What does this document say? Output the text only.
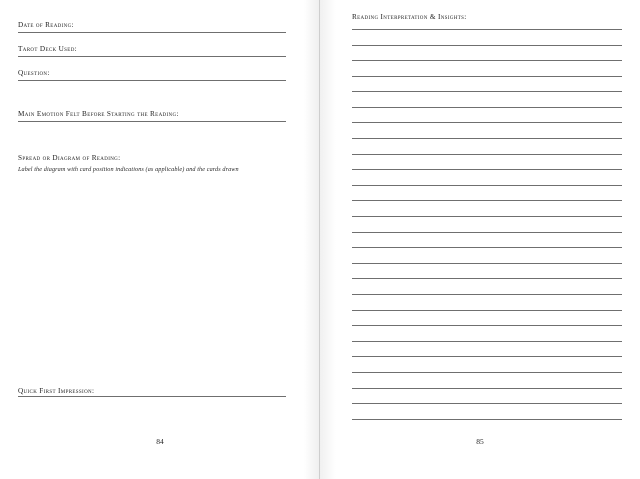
Date of Reading:
Tarot Deck Used:
Question:
Main Emotion Felt Before Starting the Reading:
Spread or Diagram of Reading:
Label the diagram with card position indications (as applicable) and the cards drawn
Quick First Impression:
Reading Interpretation & Insights:
84	85
